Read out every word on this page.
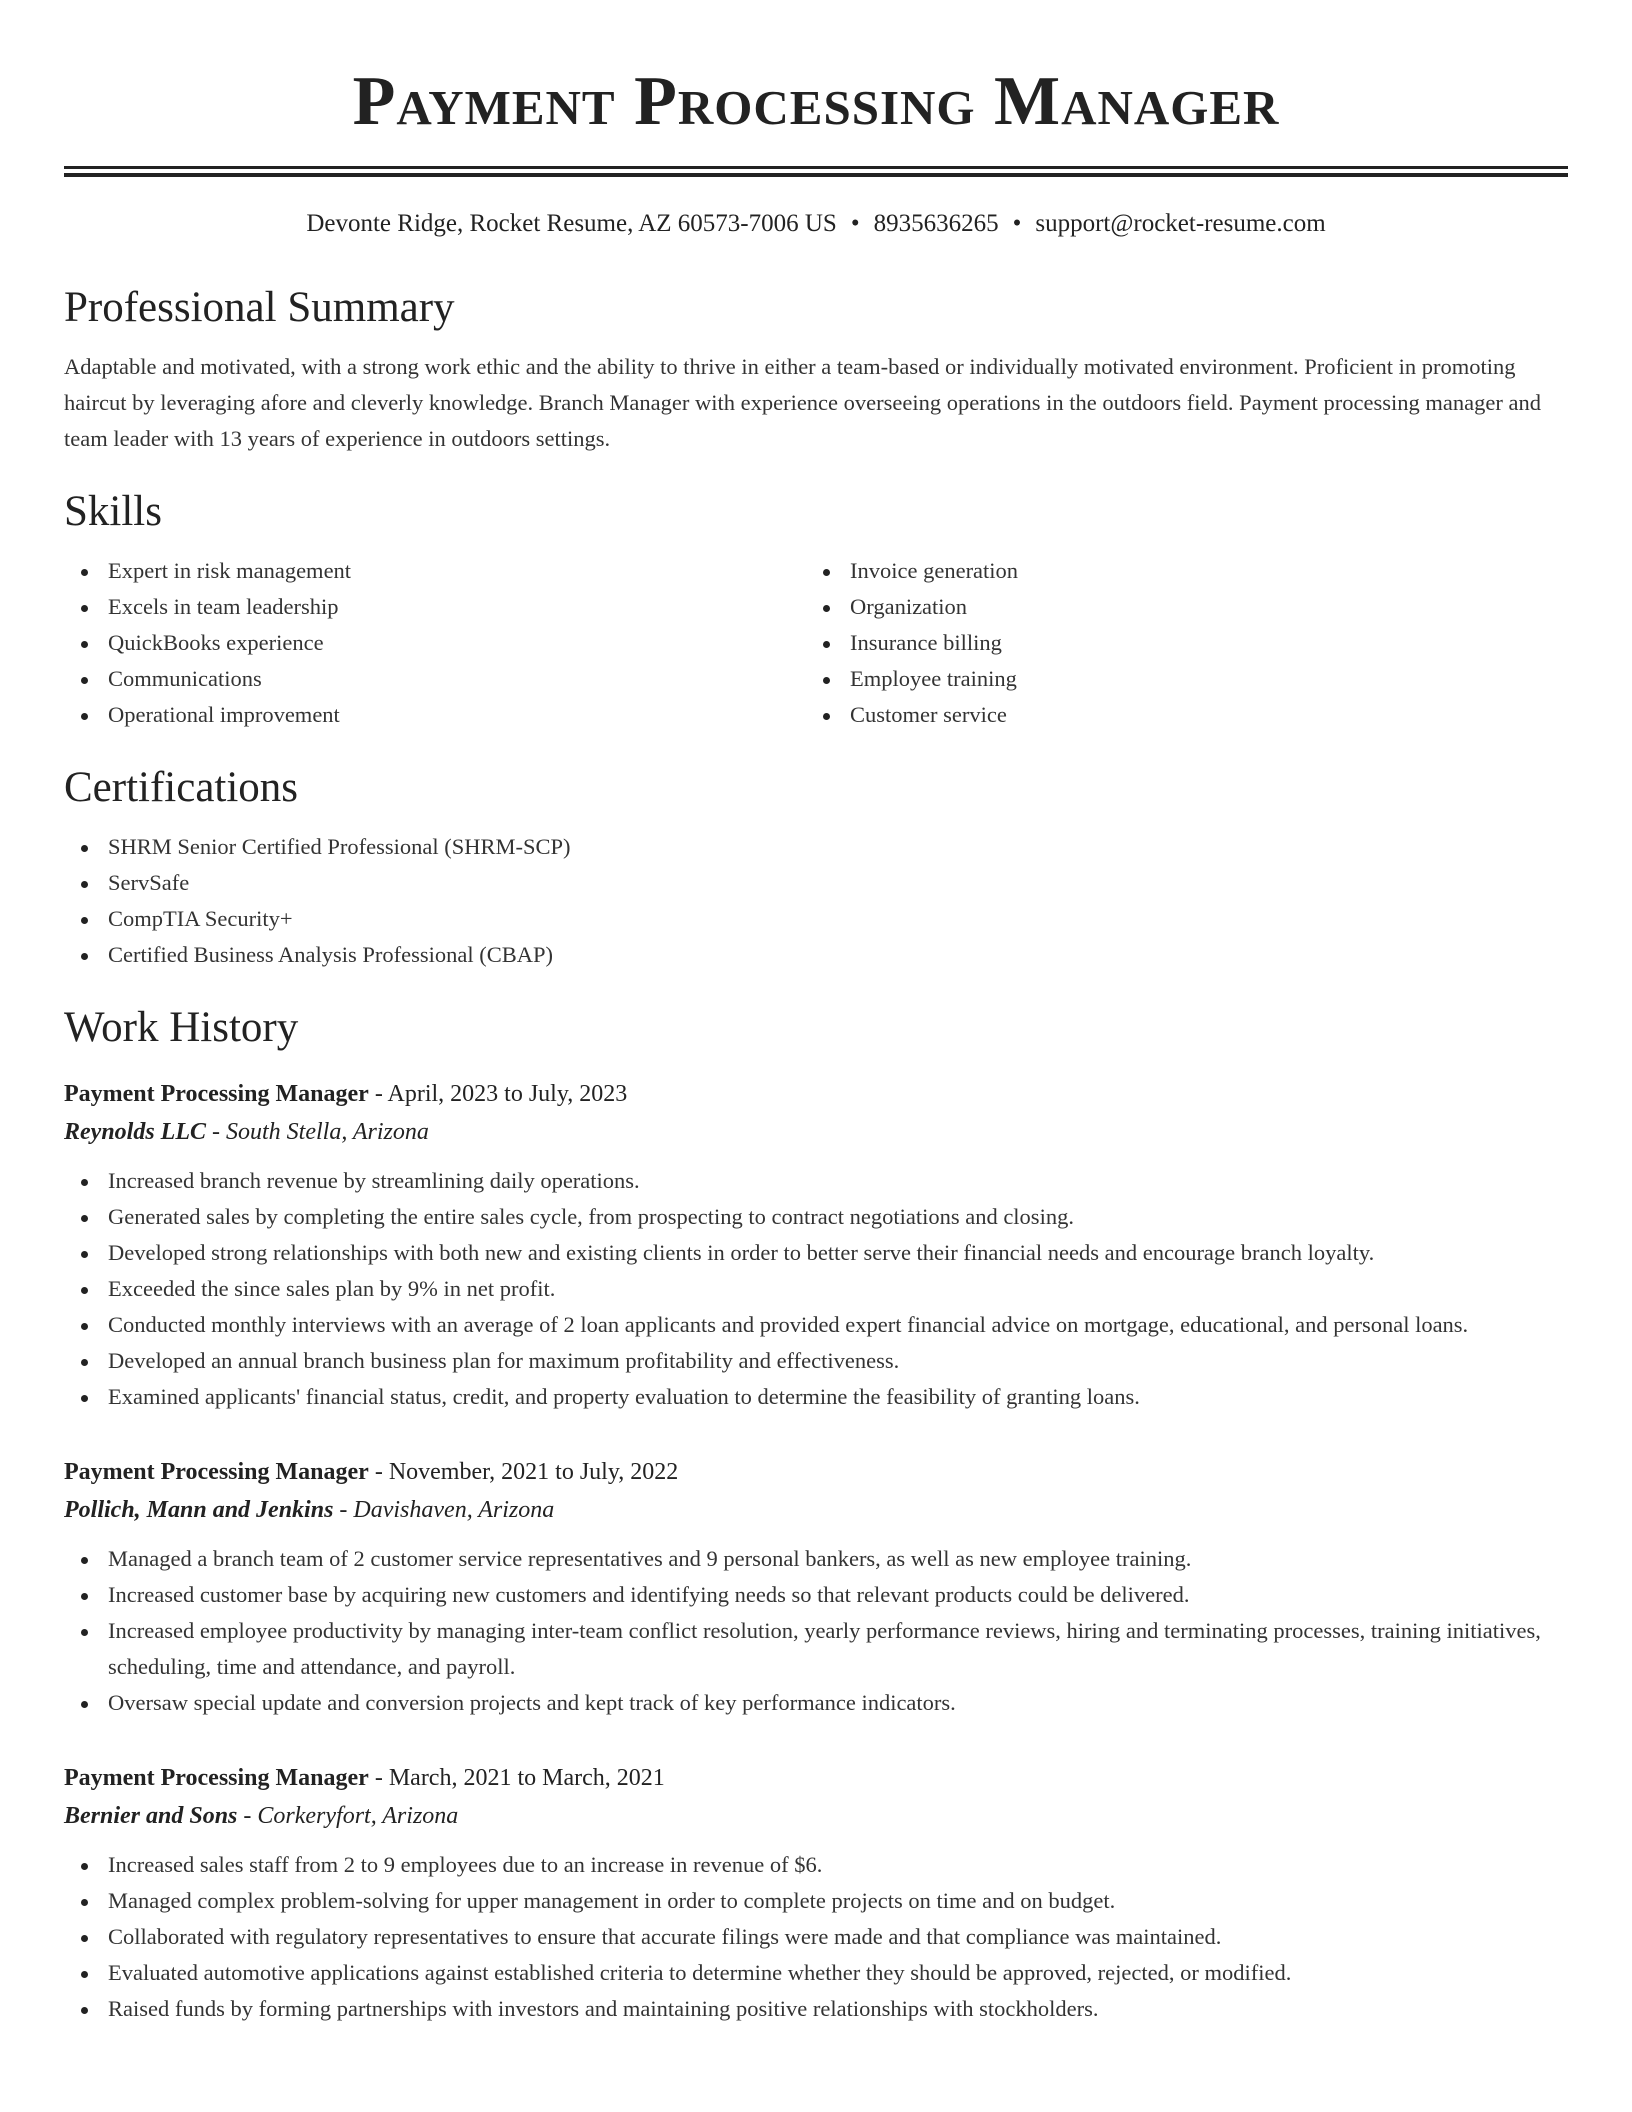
Payment Processing Manager
Devonte Ridge, Rocket Resume, AZ 60573-7006 US • 8935636265 • support@rocket-resume.com
Professional Summary

Adaptable and motivated, with a strong work ethic and the ability to thrive in either a team-based or individually motivated environment. Proficient in promoting haircut by leveraging afore and cleverly knowledge. Branch Manager with experience overseeing operations in the outdoors field. Payment processing manager and team leader with 13 years of experience in outdoors settings.

Skills
Expert in risk management
Excels in team leadership
QuickBooks experience
Communications
Operational improvement
Invoice generation
Organization
Insurance billing
Employee training
Customer service
Certifications
SHRM Senior Certified Professional (SHRM-SCP)
ServSafe
CompTIA Security+
Certified Business Analysis Professional (CBAP)
Work History
Payment Processing Manager - April, 2023 to July, 2023
Reynolds LLC - South Stella, Arizona
Increased branch revenue by streamlining daily operations.
Generated sales by completing the entire sales cycle, from prospecting to contract negotiations and closing.
Developed strong relationships with both new and existing clients in order to better serve their financial needs and encourage branch loyalty.
Exceeded the since sales plan by 9% in net profit.
Conducted monthly interviews with an average of 2 loan applicants and provided expert financial advice on mortgage, educational, and personal loans.
Developed an annual branch business plan for maximum profitability and effectiveness.
Examined applicants' financial status, credit, and property evaluation to determine the feasibility of granting loans.
Payment Processing Manager - November, 2021 to July, 2022
Pollich, Mann and Jenkins - Davishaven, Arizona
Managed a branch team of 2 customer service representatives and 9 personal bankers, as well as new employee training.
Increased customer base by acquiring new customers and identifying needs so that relevant products could be delivered.
Increased employee productivity by managing inter-team conflict resolution, yearly performance reviews, hiring and terminating processes, training initiatives, scheduling, time and attendance, and payroll.
Oversaw special update and conversion projects and kept track of key performance indicators.
Payment Processing Manager - March, 2021 to March, 2021
Bernier and Sons - Corkeryfort, Arizona
Increased sales staff from 2 to 9 employees due to an increase in revenue of $6.
Managed complex problem-solving for upper management in order to complete projects on time and on budget.
Collaborated with regulatory representatives to ensure that accurate filings were made and that compliance was maintained.
Evaluated automotive applications against established criteria to determine whether they should be approved, rejected, or modified.
Raised funds by forming partnerships with investors and maintaining positive relationships with stockholders.
